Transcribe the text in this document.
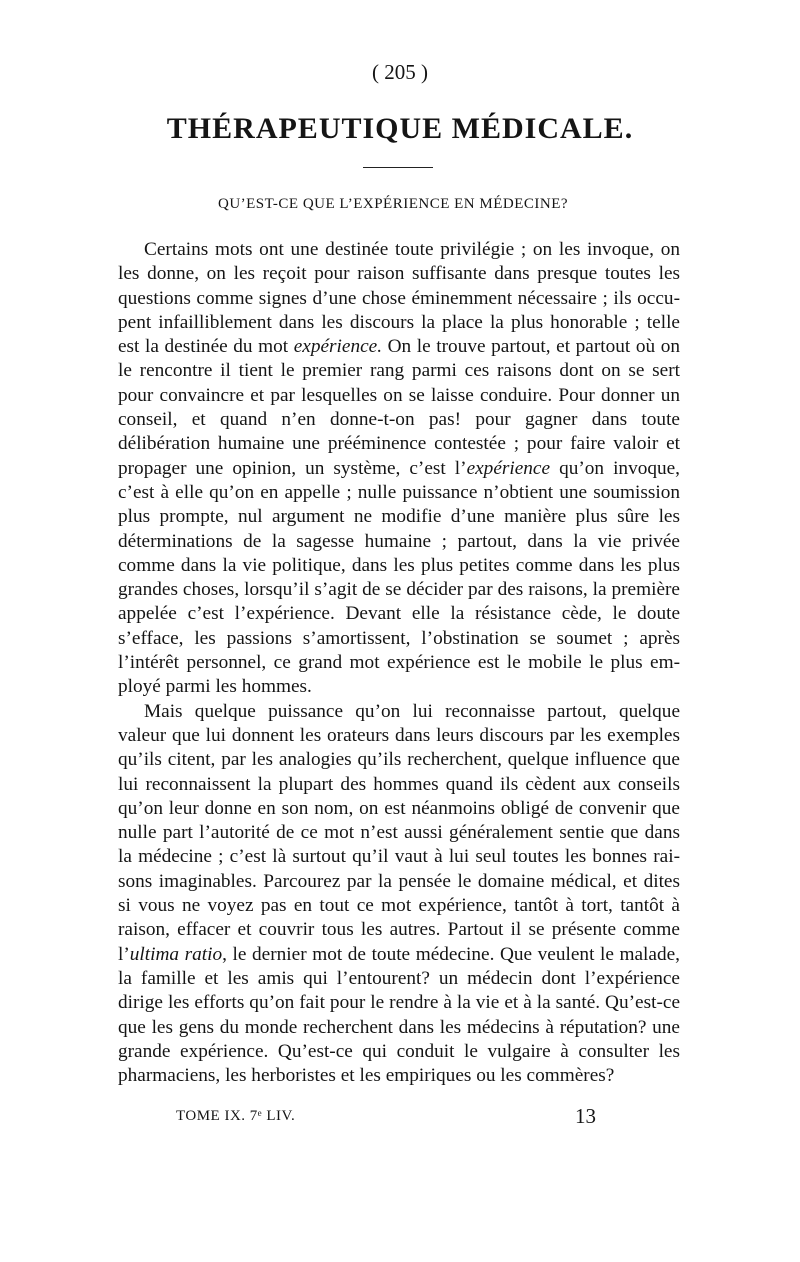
( 205 )
THÉRAPEUTIQUE MÉDICALE.
QU’EST-CE QUE L’EXPÉRIENCE EN MÉDECINE?

Certains mots ont une destinée toute privilégie ; on les invoque, on les donne, on les reçoit pour raison suffisante dans presque toutes les questions comme signes d’une chose éminemment nécessaire ; ils occupent infailliblement dans les discours la place la plus honorable ; telle est la destinée du mot expérience. On le trouve partout, et partout où on le rencontre il tient le premier rang parmi ces raisons dont on se sert pour convaincre et par lesquelles on se laisse conduire. Pour donner un conseil, et quand n’en donne-t-on pas! pour gagner dans toute délibération humaine une prééminence contestée ; pour faire valoir et propager une opinion, un système, c’est l’expérience qu’on invoque, c’est à elle qu’on en appelle ; nulle puissance n’obtient une soumission plus prompte, nul argument ne modifie d’une manière plus sûre les déterminations de la sagesse humaine ; partout, dans la vie privée comme dans la vie politique, dans les plus petites comme dans les plus grandes choses, lorsqu’il s’agit de se décider par des raisons, la première appelée c’est l’expérience. Devant elle la résistance cède, le doute s’efface, les passions s’amortissent, l’obstination se soumet ; après l’intérêt personnel, ce grand mot expérience est le mobile le plus employé parmi les hommes.

Mais quelque puissance qu’on lui reconnaisse partout, quelque valeur que lui donnent les orateurs dans leurs discours par les exemples qu’ils citent, par les analogies qu’ils recherchent, quelque influence que lui reconnaissent la plupart des hommes quand ils cèdent aux conseils qu’on leur donne en son nom, on est néanmoins obligé de convenir que nulle part l’autorité de ce mot n’est aussi généralement sentie que dans la médecine ; c’est là surtout qu’il vaut à lui seul toutes les bonnes raisons imaginables. Parcourez par la pensée le domaine médical, et dites si vous ne voyez pas en tout ce mot expérience, tantôt à tort, tantôt à raison, effacer et couvrir tous les autres. Partout il se présente comme l’ultima ratio, le dernier mot de toute médecine. Que veulent le malade, la famille et les amis qui l’entourent? un médecin dont l’expérience dirige les efforts qu’on fait pour le rendre à la vie et à la santé. Qu’est-ce que les gens du monde recherchent dans les médecins à réputation? une grande expérience. Qu’est-ce qui conduit le vulgaire à consulter les pharmaciens, les herboristes et les empiriques ou les commères?

TOME IX. 7ᵉ LIV.	13
